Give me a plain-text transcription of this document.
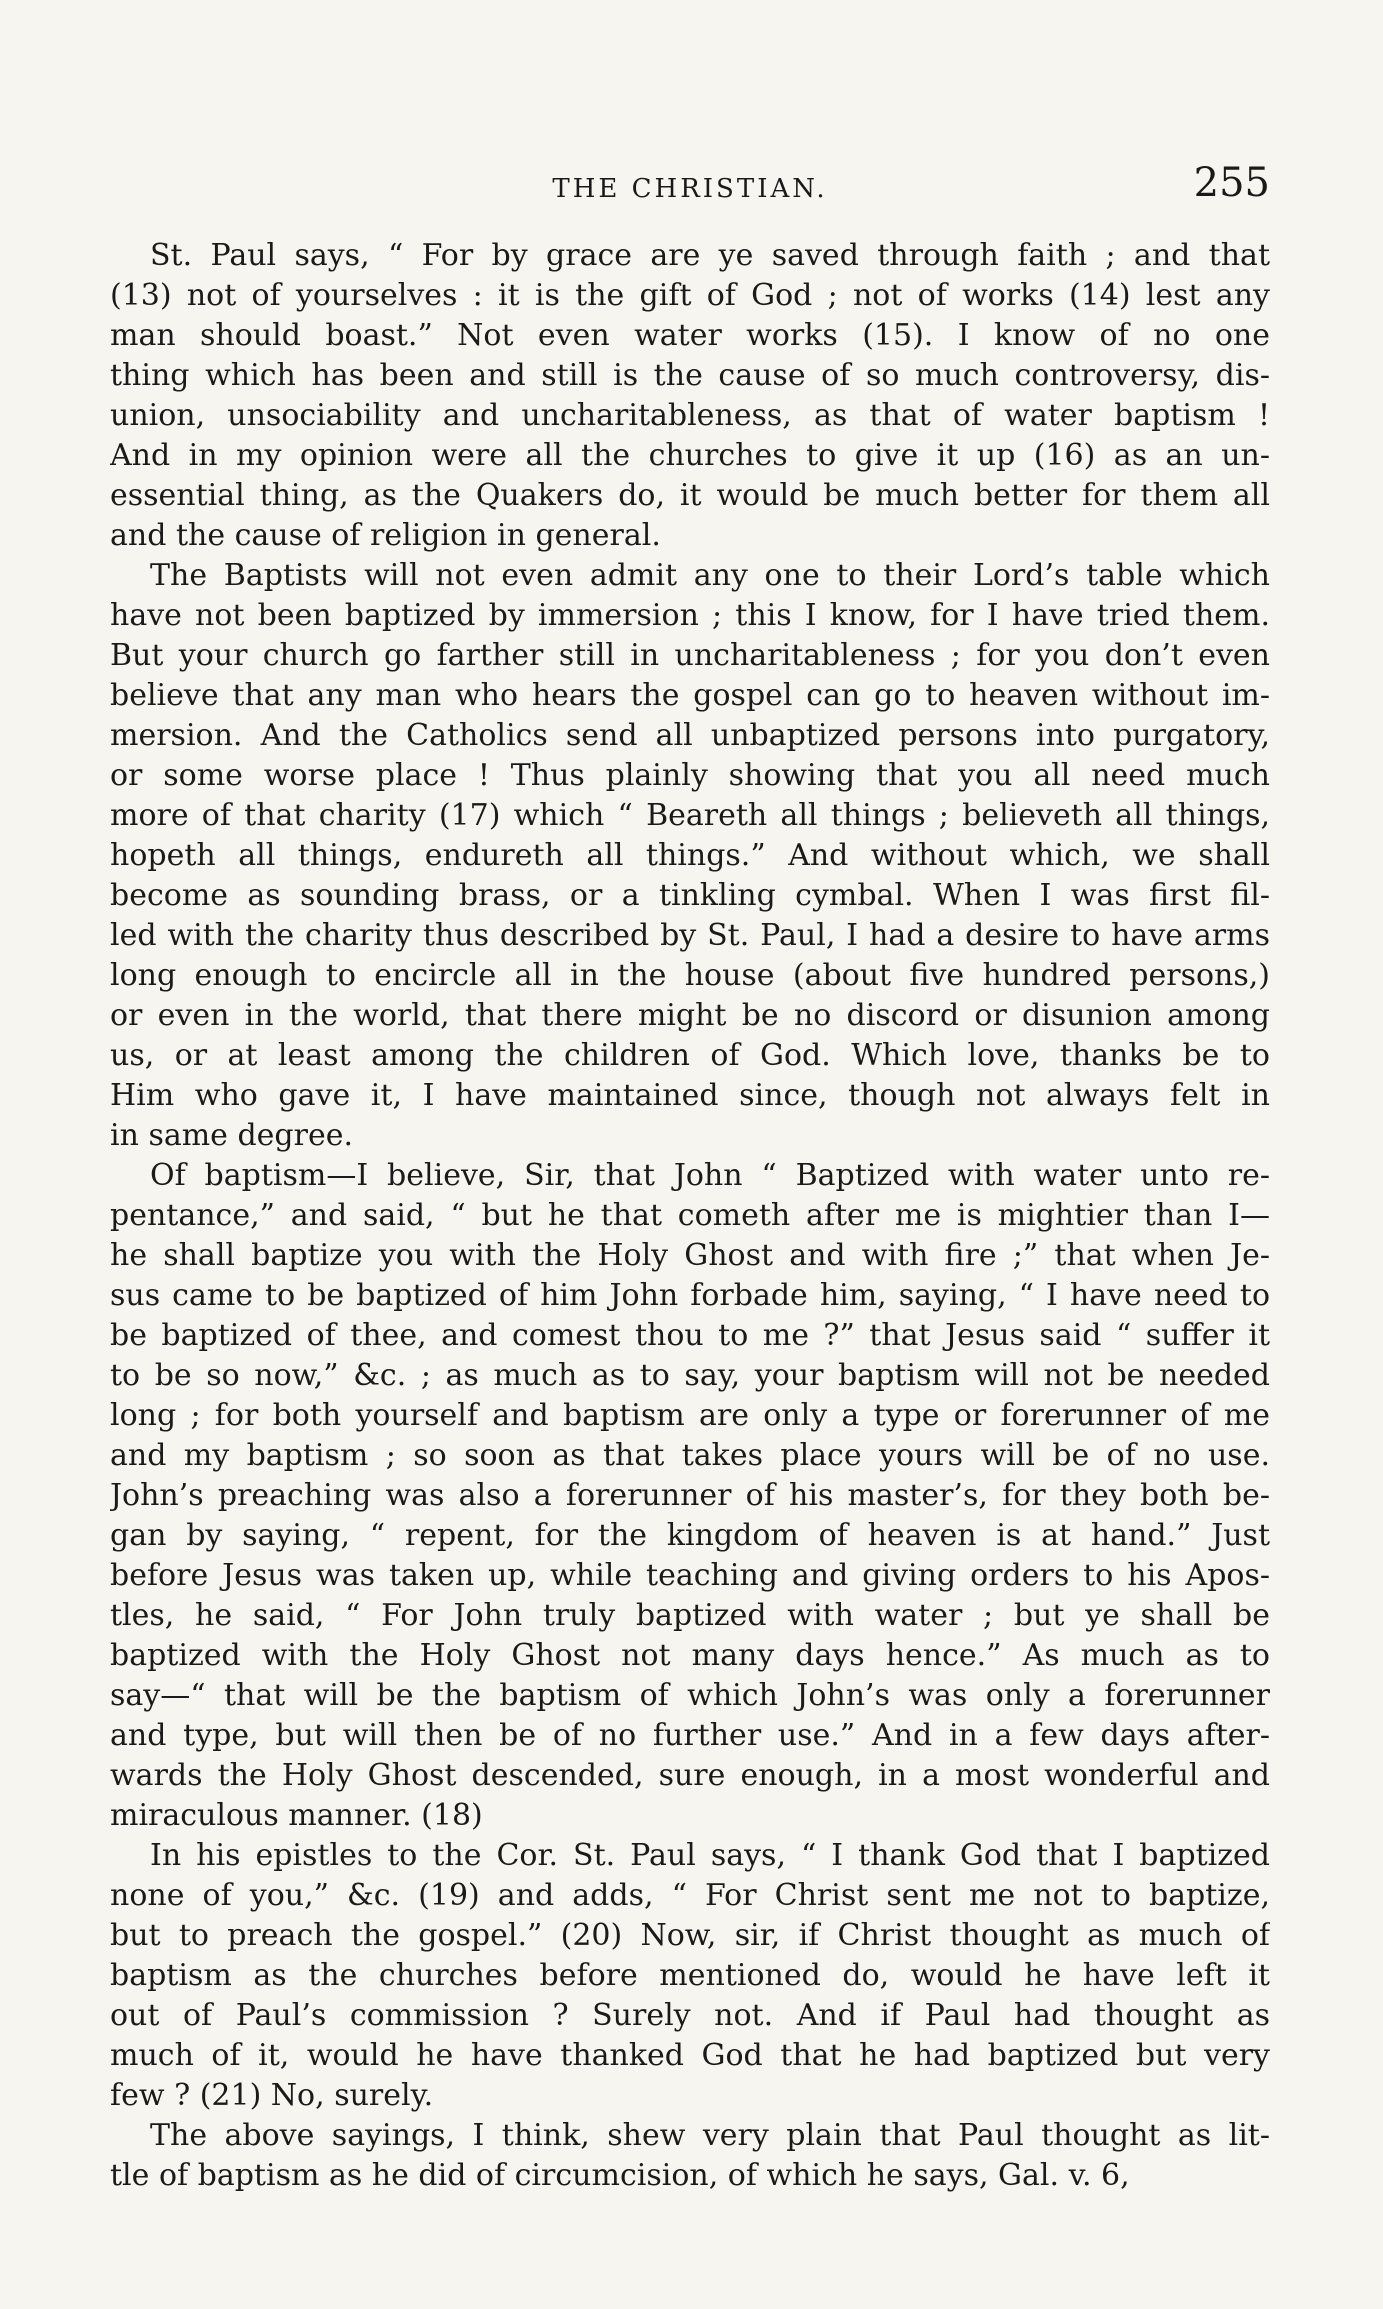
THE CHRISTIAN.	255
St. Paul says, “ For by grace are ye saved through faith ; and that
(13) not of yourselves : it is the gift of God ; not of works (14) lest any
man should boast.” Not even water works (15). I know of no one
thing which has been and still is the cause of so much controversy, dis-
union, unsociability and uncharitableness, as that of water baptism !
And in my opinion were all the churches to give it up (16) as an un-
essential thing, as the Quakers do, it would be much better for them all
and the cause of religion in general.
The Baptists will not even admit any one to their Lord’s table which
have not been baptized by immersion ; this I know, for I have tried them.
But your church go farther still in uncharitableness ; for you don’t even
believe that any man who hears the gospel can go to heaven without im-
mersion. And the Catholics send all unbaptized persons into purgatory,
or some worse place ! Thus plainly showing that you all need much
more of that charity (17) which “ Beareth all things ; believeth all things,
hopeth all things, endureth all things.” And without which, we shall
become as sounding brass, or a tinkling cymbal. When I was first fil-
led with the charity thus described by St. Paul, I had a desire to have arms
long enough to encircle all in the house (about five hundred persons,)
or even in the world, that there might be no discord or disunion among
us, or at least among the children of God. Which love, thanks be to
Him who gave it, I have maintained since, though not always felt in
in same degree.
Of baptism—I believe, Sir, that John “ Baptized with water unto re-
pentance,” and said, “ but he that cometh after me is mightier than I—
he shall baptize you with the Holy Ghost and with fire ;” that when Je-
sus came to be baptized of him John forbade him, saying, “ I have need to
be baptized of thee, and comest thou to me ?” that Jesus said “ suffer it
to be so now,” &c. ; as much as to say, your baptism will not be needed
long ; for both yourself and baptism are only a type or forerunner of me
and my baptism ; so soon as that takes place yours will be of no use.
John’s preaching was also a forerunner of his master’s, for they both be-
gan by saying, “ repent, for the kingdom of heaven is at hand.” Just
before Jesus was taken up, while teaching and giving orders to his Apos-
tles, he said, “ For John truly baptized with water ; but ye shall be
baptized with the Holy Ghost not many days hence.” As much as to
say—“ that will be the baptism of which John’s was only a forerunner
and type, but will then be of no further use.” And in a few days after-
wards the Holy Ghost descended, sure enough, in a most wonderful and
miraculous manner. (18)
In his epistles to the Cor. St. Paul says, “ I thank God that I baptized
none of you,” &c. (19) and adds, “ For Christ sent me not to baptize,
but to preach the gospel.” (20) Now, sir, if Christ thought as much of
baptism as the churches before mentioned do, would he have left it
out of Paul’s commission ? Surely not. And if Paul had thought as
much of it, would he have thanked God that he had baptized but very
few ? (21) No, surely.
The above sayings, I think, shew very plain that Paul thought as lit-
tle of baptism as he did of circumcision, of which he says, Gal. v. 6,
